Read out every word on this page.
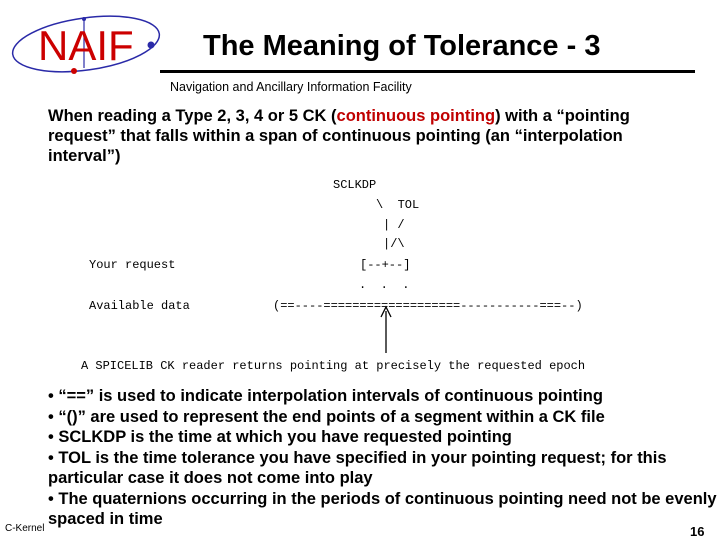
NAIF The Meaning of Tolerance - 3
Navigation and Ancillary Information Facility
When reading a Type 2, 3, 4 or 5 CK (continuous pointing) with a “pointing request” that falls within a span of continuous pointing (an “interpolation interval”)
SCLKDP
\  TOL
| /
|/\
Your request	[--+--]
.  .  .
Available data	(==----===================-----------===--)
A SPICELIB CK reader returns pointing at precisely the requested epoch

• “==” is used to indicate interpolation intervals of continuous pointing

• “()” are used to represent the end points of a segment within a CK file

• SCLKDP is the time at which you have requested pointing

• TOL is the time tolerance you have specified in your pointing request; for this particular case it does not come into play

• The quaternions occurring in the periods of continuous pointing need not be evenly spaced in time

C-Kernel	16
